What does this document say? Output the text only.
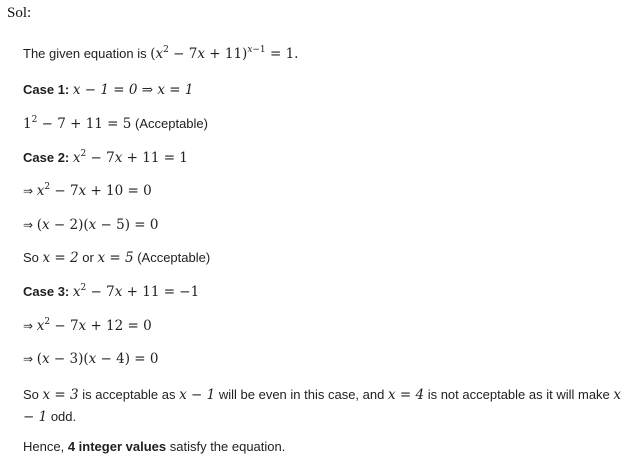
Sol:
The given equation is $(x^2 - 7x + 11)^{x-1} = 1$.
Case 1: x − 1 = 0 ⇒ x = 1
$1^2 - 7 + 11 = 5$ (Acceptable)
Case 2: $x^2 - 7x + 11 = 1$
⇒ $x^2 - 7x + 10 = 0$
⇒ (x − 2)(x − 5) = 0
So x = 2 or x = 5 (Acceptable)
Case 3: $x^2 - 7x + 11 = -1$
⇒ $x^2 - 7x + 12 = 0$
⇒ (x − 3)(x − 4) = 0
So x = 3 is acceptable as x − 1 will be even in this case, and x = 4 is not acceptable as it will make x − 1 odd.
Hence, 4 integer values satisfy the equation.
